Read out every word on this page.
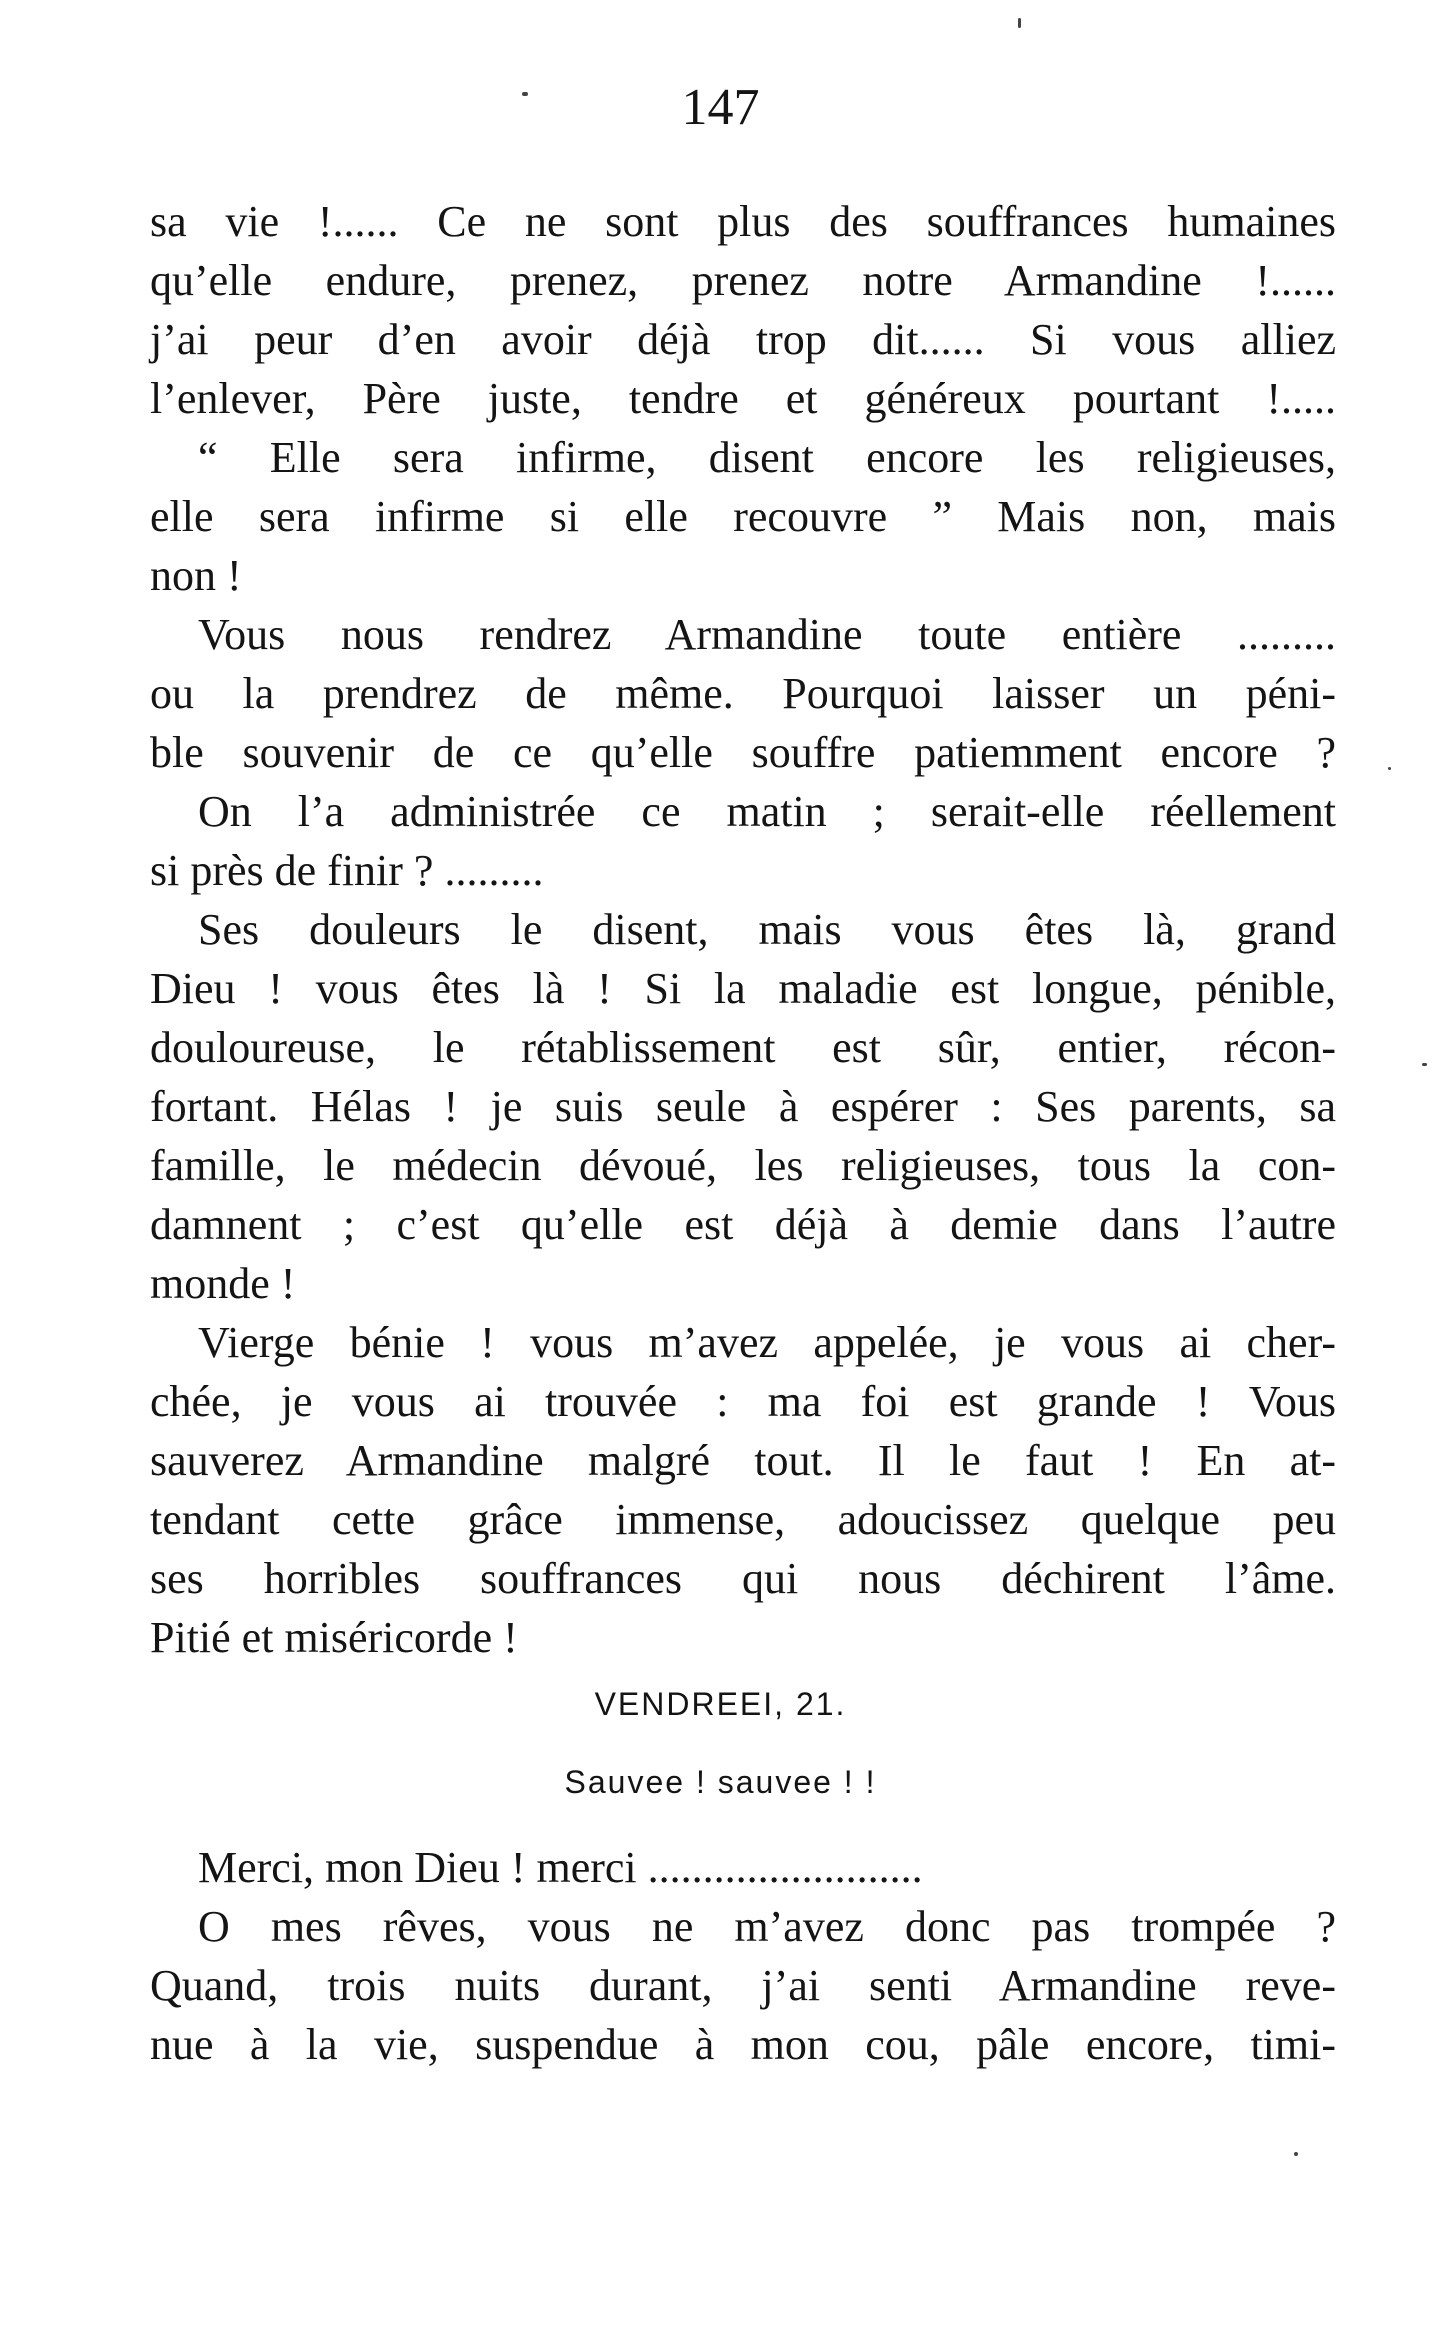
147
sa vie !...... Ce ne sont plus des souffrances humaines
qu’elle endure, prenez, prenez notre Armandine !......
j’ai peur d’en avoir déjà trop dit...... Si vous alliez
l’enlever, Père juste, tendre et généreux pourtant !.....
“ Elle sera infirme, disent encore les religieuses,
elle sera infirme si elle recouvre ” Mais non, mais
non !
Vous nous rendrez Armandine toute entière .........
ou la prendrez de même. Pourquoi laisser un péni-
ble souvenir de ce qu’elle souffre patiemment encore ?
On l’a administrée ce matin ; serait-elle réellement
si près de finir ? .........
Ses douleurs le disent, mais vous êtes là, grand
Dieu ! vous êtes là ! Si la maladie est longue, pénible,
douloureuse, le rétablissement est sûr, entier, récon-
fortant. Hélas ! je suis seule à espérer : Ses parents, sa
famille, le médecin dévoué, les religieuses, tous la con-
damnent ; c’est qu’elle est déjà à demie dans l’autre
monde !
Vierge bénie ! vous m’avez appelée, je vous ai cher-
chée, je vous ai trouvée : ma foi est grande ! Vous
sauverez Armandine malgré tout. Il le faut ! En at-
tendant cette grâce immense, adoucissez quelque peu
ses horribles souffrances qui nous déchirent l’âme.
Pitié et miséricorde !
VENDREEI, 21.
Sauvee ! sauvee ! !
Merci, mon Dieu ! merci .........................
O mes rêves, vous ne m’avez donc pas trompée ?
Quand, trois nuits durant, j’ai senti Armandine reve-
nue à la vie, suspendue à mon cou, pâle encore, timi-
